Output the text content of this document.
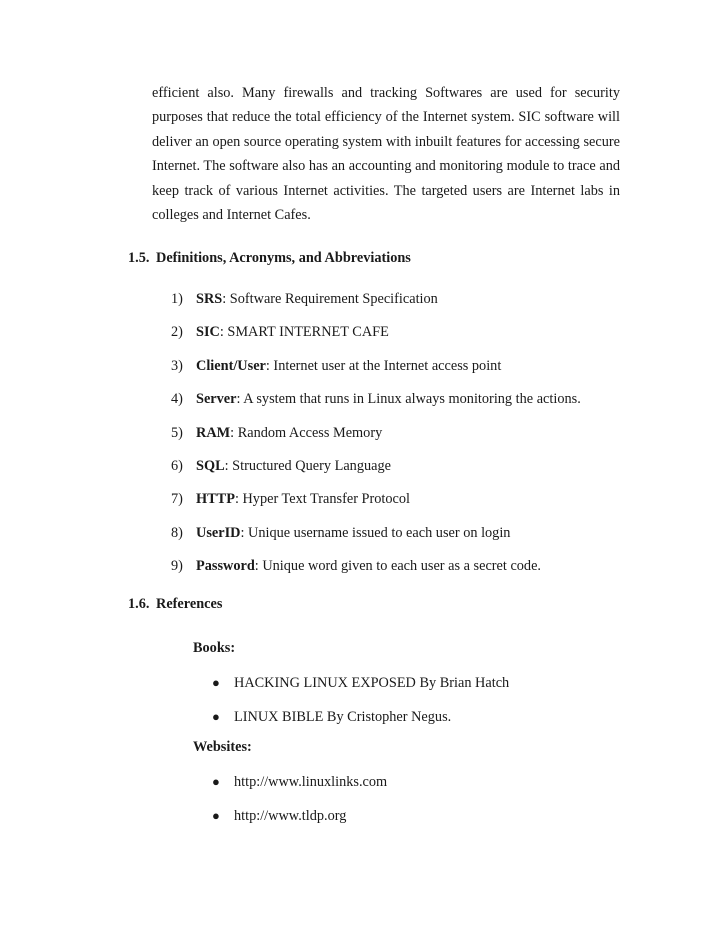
efficient also. Many firewalls and tracking Softwares are used for security purposes that reduce the total efficiency of the Internet system. SIC software will deliver an open source operating system with inbuilt features for accessing secure Internet. The software also has an accounting and monitoring module to trace and keep track of various Internet activities. The targeted users are Internet labs in colleges and Internet Cafes.

1.5. Definitions, Acronyms, and Abbreviations
1) SRS: Software Requirement Specification
2) SIC: SMART INTERNET CAFE
3) Client/User: Internet user at the Internet access point
4) Server: A system that runs in Linux always monitoring the actions.
5) RAM: Random Access Memory
6) SQL: Structured Query Language
7) HTTP: Hyper Text Transfer Protocol
8) UserID: Unique username issued to each user on login
9) Password: Unique word given to each user as a secret code.
1.6. References
Books:
● HACKING LINUX EXPOSED By Brian Hatch
● LINUX BIBLE By Cristopher Negus.
Websites:
● http://www.linuxlinks.com
● http://www.tldp.org
